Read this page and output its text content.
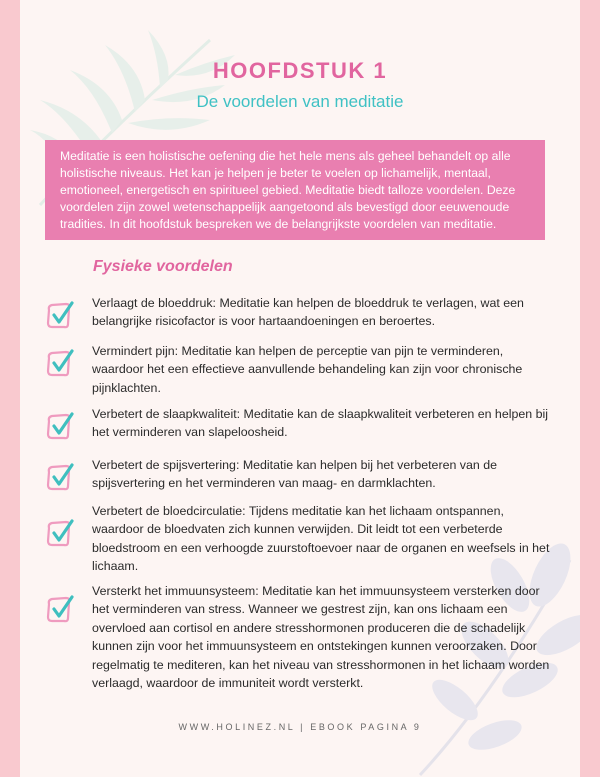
HOOFDSTUK 1
De voordelen van meditatie
Meditatie is een holistische oefening die het hele mens als geheel behandelt op alle holistische niveaus. Het kan je helpen je beter te voelen op lichamelijk, mentaal, emotioneel, energetisch en spiritueel gebied. Meditatie biedt talloze voordelen. Deze voordelen zijn zowel wetenschappelijk aangetoond als bevestigd door eeuwenoude tradities. In dit hoofdstuk bespreken we de belangrijkste voordelen van meditatie.
Fysieke voordelen
Verlaagt de bloeddruk: Meditatie kan helpen de bloeddruk te verlagen, wat een belangrijke risicofactor is voor hartaandoeningen en beroertes.
Vermindert pijn: Meditatie kan helpen de perceptie van pijn te verminderen, waardoor het een effectieve aanvullende behandeling kan zijn voor chronische pijnklachten.
Verbetert de slaapkwaliteit: Meditatie kan de slaapkwaliteit verbeteren en helpen bij het verminderen van slapeloosheid.
Verbetert de spijsvertering: Meditatie kan helpen bij het verbeteren van de spijsvertering en het verminderen van maag- en darmklachten.
Verbetert de bloedcirculatie: Tijdens meditatie kan het lichaam ontspannen, waardoor de bloedvaten zich kunnen verwijden. Dit leidt tot een verbeterde bloedstroom en een verhoogde zuurstoftoevoer naar de organen en weefsels in het lichaam.
Versterkt het immuunsysteem: Meditatie kan het immuunsysteem versterken door het verminderen van stress. Wanneer we gestrest zijn, kan ons lichaam een overvloed aan cortisol en andere stresshormonen produceren die de schadelijk kunnen zijn voor het immuunsysteem en ontstekingen kunnen veroorzaken. Door regelmatig te mediteren, kan het niveau van stresshormonen in het lichaam worden verlaagd, waardoor de immuniteit wordt versterkt.
WWW.HOLINEZ.NL | EBOOK PAGINA 9
